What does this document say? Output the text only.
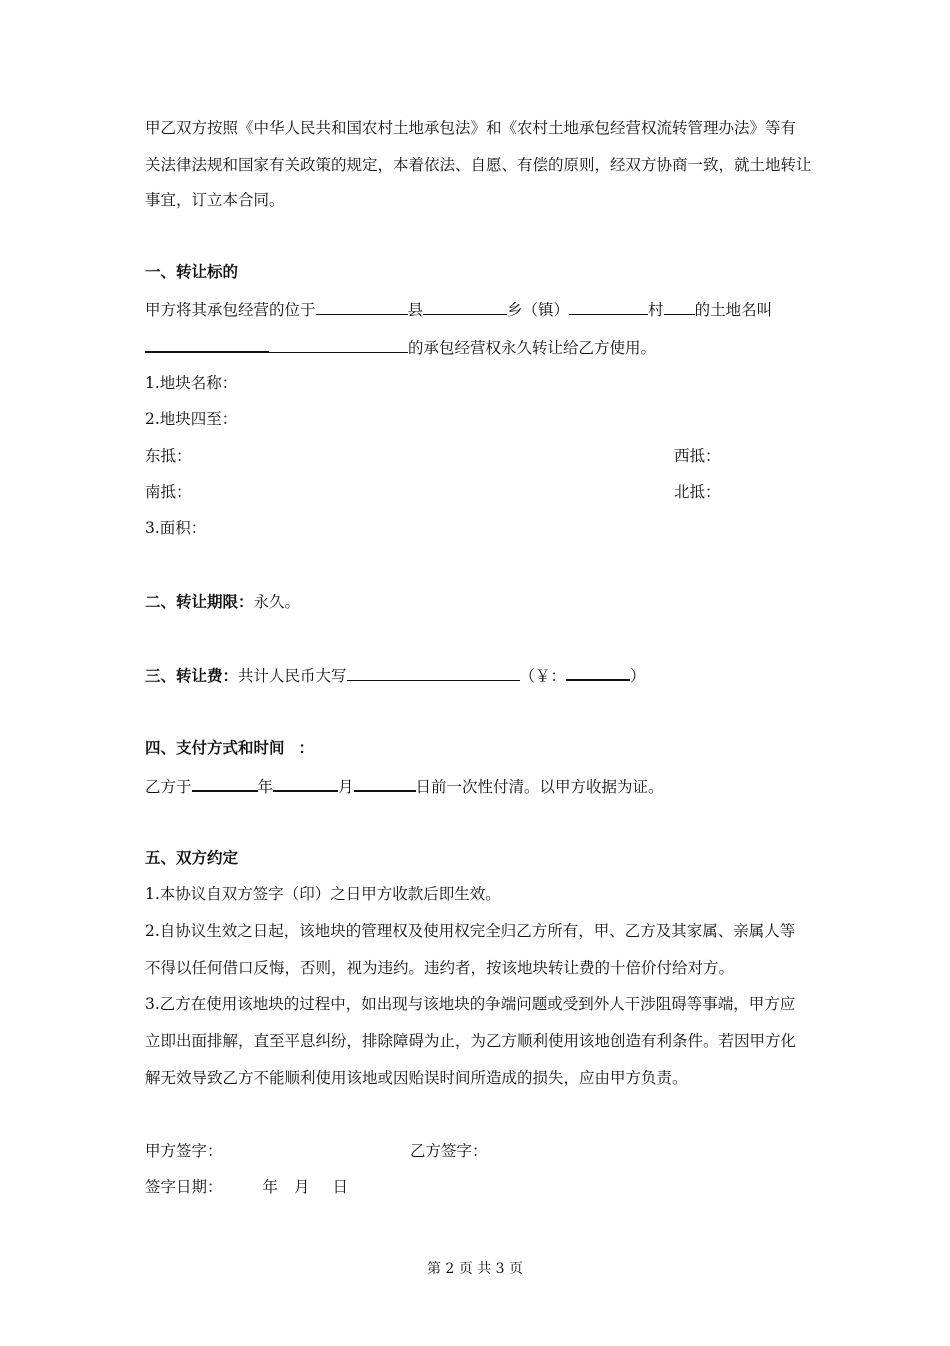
甲乙双方按照《中华人民共和国农村土地承包法》和《农村土地承包经营权流转管理办法》等有
关法律法规和国家有关政策的规定，本着依法、自愿、有偿的原则，经双方协商一致，就土地转让
事宜，订立本合同。
一、转让标的
甲方将其承包经营的位于	县	乡（镇）	村 的土地名叫
的承包经营权永久转让给乙方使用。
1.地块名称：
2.地块四至：
东抵：	西抵：
南抵：	北抵：
3.面积：
二、转让期限：永久。
三、转让费：共计人民币大写	（￥：	）
四、支付方式和时间 ：
乙方于	年	月	日前一次性付清。以甲方收据为证。
五、双方约定
1.本协议自双方签字（印）之日甲方收款后即生效。
2.自协议生效之日起，该地块的管理权及使用权完全归乙方所有，甲、乙方及其家属、亲属人等
不得以任何借口反悔，否则，视为违约。违约者，按该地块转让费的十倍价付给对方。
3.乙方在使用该地块的过程中，如出现与该地块的争端问题或受到外人干涉阻碍等事端，甲方应
立即出面排解，直至平息纠纷，排除障碍为止，为乙方顺利使用该地创造有利条件。若因甲方化
解无效导致乙方不能顺利使用该地或因贻误时间所造成的损失，应由甲方负责。
甲方签字：	乙方签字：
签字日期：	年 月 日
第 2 页 共 3 页
